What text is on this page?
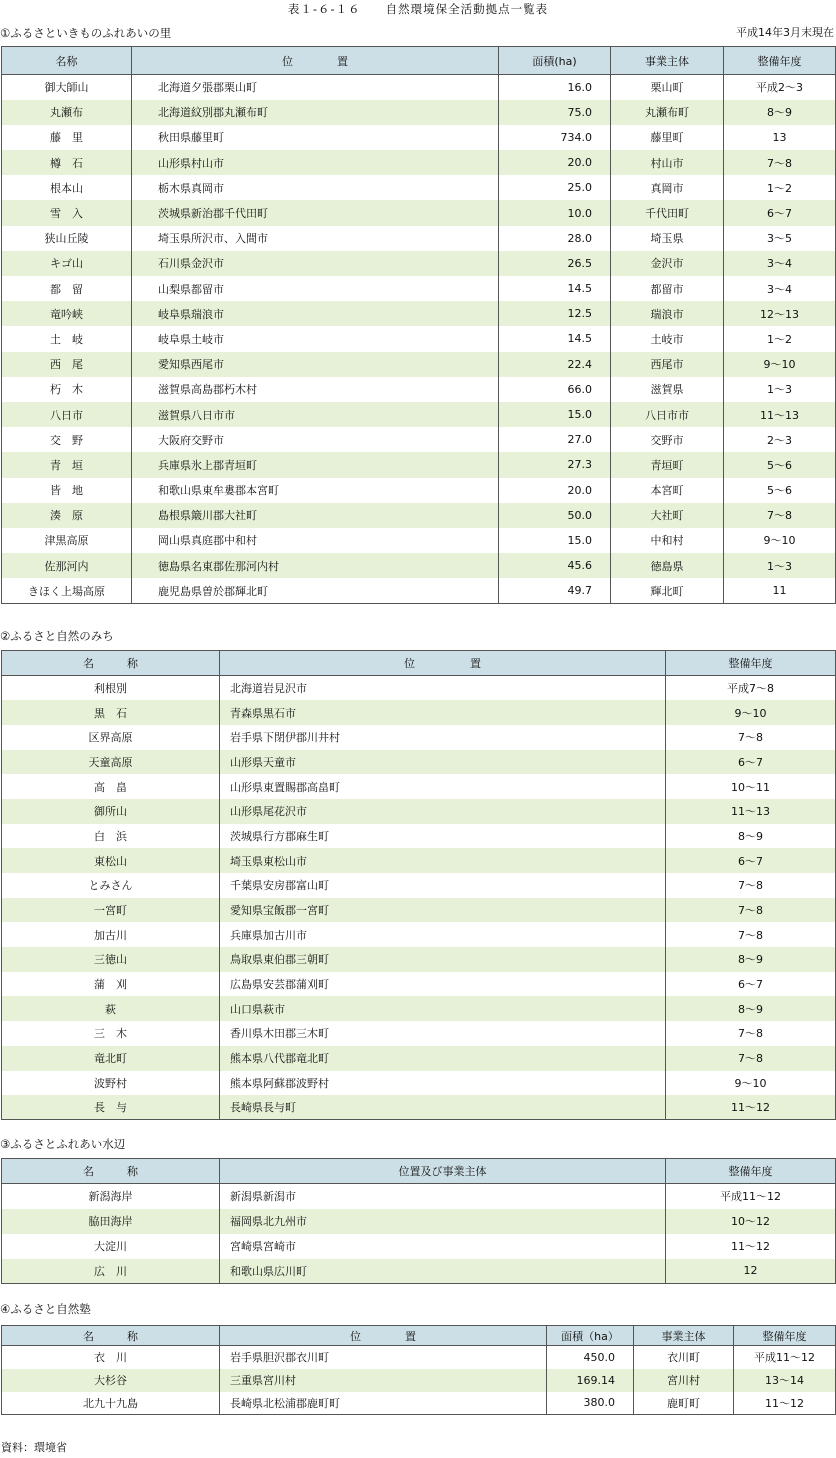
表１-６-１６　　自然環境保全活動拠点一覧表
①ふるさといきものふれあいの里	平成14年3月末現在
名称	位　　　　置	面積(ha)	事業主体	整備年度
御大師山	北海道夕張郡栗山町	16.0	栗山町	平成2～3
丸瀬布	北海道紋別郡丸瀬布町	75.0	丸瀬布町	8～9
藤　里	秋田県藤里町	734.0	藤里町	13
樽　石	山形県村山市	20.0	村山市	7～8
根本山	栃木県真岡市	25.0	真岡市	1～2
雪　入	茨城県新治郡千代田町	10.0	千代田町	6～7
狭山丘陵	埼玉県所沢市、入間市	28.0	埼玉県	3～5
キゴ山	石川県金沢市	26.5	金沢市	3～4
都　留	山梨県都留市	14.5	都留市	3～4
竜吟峡	岐阜県瑞浪市	12.5	瑞浪市	12～13
土　岐	岐阜県土岐市	14.5	土岐市	1～2
西　尾	愛知県西尾市	22.4	西尾市	9～10
朽　木	滋賀県高島郡朽木村	66.0	滋賀県	1～3
八日市	滋賀県八日市市	15.0	八日市市	11～13
交　野	大阪府交野市	27.0	交野市	2～3
青　垣	兵庫県氷上郡青垣町	27.3	青垣町	5～6
皆　地	和歌山県東牟婁郡本宮町	20.0	本宮町	5～6
湊　原	島根県簸川郡大社町	50.0	大社町	7～8
津黒高原	岡山県真庭郡中和村	15.0	中和村	9～10
佐那河内	徳島県名東郡佐那河内村	45.6	徳島県	1～3
きほく上場高原	鹿児島県曽於郡輝北町	49.7	輝北町	11
②ふるさと自然のみち
名　　　称	位　　　　　置	整備年度
利根別	北海道岩見沢市	平成7～8
黒　石	青森県黒石市	9～10
区界高原	岩手県下閉伊郡川井村	7～8
天童高原	山形県天童市	6～7
高　畠	山形県東置賜郡高畠町	10～11
御所山	山形県尾花沢市	11～13
白　浜	茨城県行方郡麻生町	8～9
東松山	埼玉県東松山市	6～7
とみさん	千葉県安房郡富山町	7～8
一宮町	愛知県宝飯郡一宮町	7～8
加古川	兵庫県加古川市	7～8
三徳山	鳥取県東伯郡三朝町	8～9
蒲　刈	広島県安芸郡蒲刈町	6～7
萩	山口県萩市	8～9
三　木	香川県木田郡三木町	7～8
竜北町	熊本県八代郡竜北町	7～8
波野村	熊本県阿蘇郡波野村	9～10
長　与	長崎県長与町	11～12
③ふるさとふれあい水辺
名　　　称	位置及び事業主体	整備年度
新潟海岸	新潟県新潟市	平成11～12
脇田海岸	福岡県北九州市	10～12
大淀川	宮崎県宮崎市	11～12
広　川	和歌山県広川町	12
④ふるさと自然塾
名　　　称	位　　　　置	面積（ha）	事業主体	整備年度
衣　川	岩手県胆沢郡衣川町	450.0	衣川町	平成11～12
大杉谷	三重県宮川村	169.14	宮川村	13～14
北九十九島	長崎県北松浦郡鹿町町	380.0	鹿町町	11～12
資料：環境省
